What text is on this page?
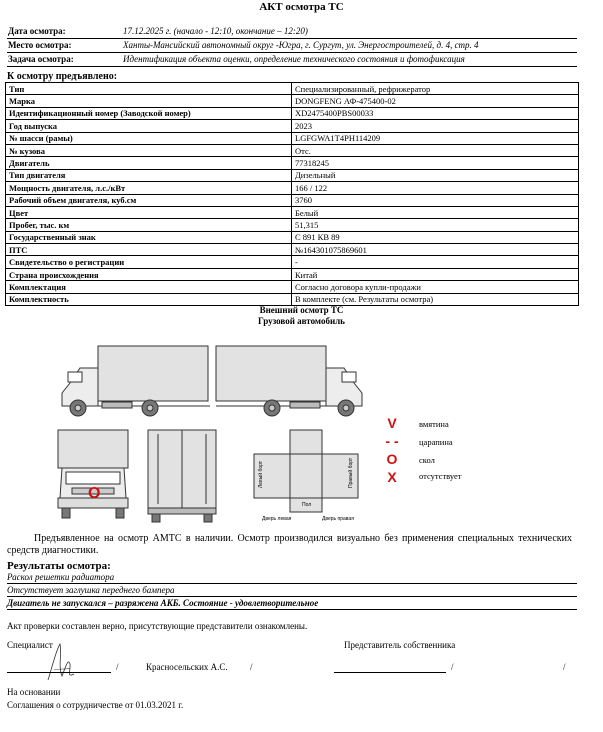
АКТ осмотра ТС
Дата осмотра:	17.12.2025 г. (начало - 12:10, окончание – 12:20)
Место осмотра:	Ханты-Мансийский автономный округ -Югра, г. Сургут, ул. Энергостроителей, д. 4, стр. 4
Задача осмотра:	Идентификация объекта оценки, определение технического состояния и фотофиксация
К осмотру предъявлено:
Тип	Специализированный, рефрижератор
Марка	DONGFENG АФ-475400-02
Идентификационный номер (Заводской номер)	XD2475400PBS00033
Год выпуска	2023
№ шасси (рамы)	LGFGWA1T4PH114209
№ кузова	Отс.
Двигатель	77318245
Тип двигателя	Дизельный
Мощность двигателя, л.с./кВт	166 / 122
Рабочий объем двигателя, куб.см	3760
Цвет	Белый
Пробег, тыс. км	51,315
Государственный знак	С 891 КВ 89
ПТС	№164301075869601
Свидетельство о регистрации	-
Страна происхождения	Китай
Комплектация	Согласно договора купли-продажи
Комплектность	В комплекте (см. Результаты осмотра)
Внешний осмотр ТС
Грузовой автомобиль
Левый борт	Правый борт
Пол
Дверь левая	Дверь правая
O
V	вмятина
- - царапина
O	скол
X	отсутствует
Предъявленное на осмотр АМТС в наличии. Осмотр производился визуально без применения специальных технических средств диагностики.
Результаты осмотра:
Раскол решетки радиатора
Отсутствует заглушка переднего бампера
Двигатель не запускался – разряжена АКБ. Состояние - удовлетворительное
Акт проверки составлен верно, присутствующие представители ознакомлены.
Специалист	Представитель собственника
/	Красносельских А.С. /	/	/
На основании
Соглашения о сотрудничестве от 01.03.2021 г.
